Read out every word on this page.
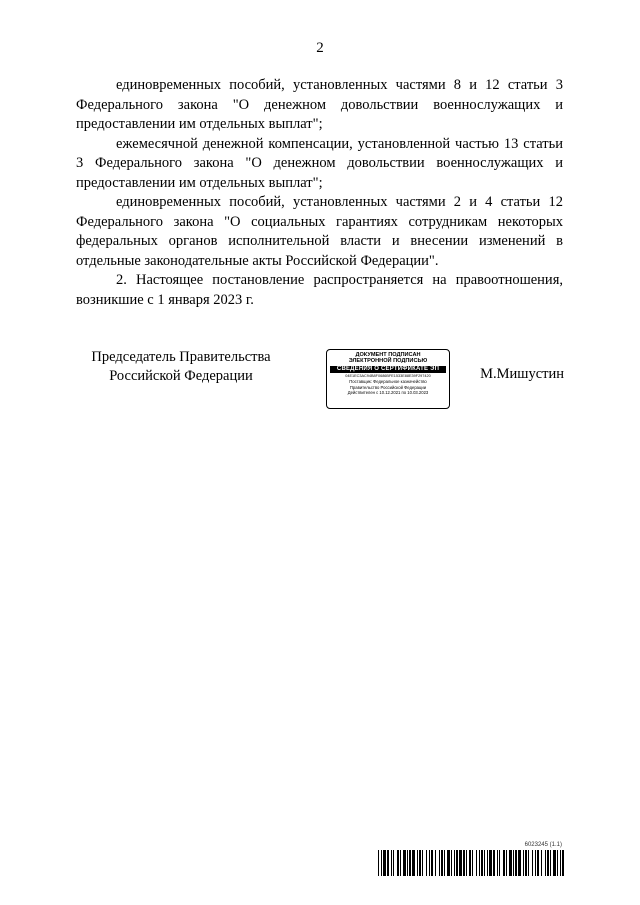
2

единовременных пособий, установленных частями 8 и 12 статьи 3 Федерального закона "О денежном довольствии военнослужащих и предоставлении им отдельных выплат";

ежемесячной денежной компенсации, установленной частью 13 статьи 3 Федерального закона "О денежном довольствии военнослужащих и предоставлении им отдельных выплат";

единовременных пособий, установленных частями 2 и 4 статьи 12 Федерального закона "О социальных гарантиях сотрудникам некоторых федеральных органов исполнительной власти и внесении изменений в отдельные законодательные акты Российской Федерации".

2. Настоящее постановление распространяется на правоотношения, возникшие с 1 января 2023 г.

Председатель Правительства
Российской Федерации
ДОКУМЕНТ ПОДПИСАН
ЭЛЕКТРОННОЙ ПОДПИСЬЮ
СВЕДЕНИЯ О СЕРТИФИКАТЕ ЭП
04E1EC3AC94B8F0686BFE1533E88E39F297420
Поставщик: Федеральное казначейство
Правительство Российской Федерации
Действителен с 10.12.2021 по 10.03.2023
М.Мишустин
6023245 (1.1)
